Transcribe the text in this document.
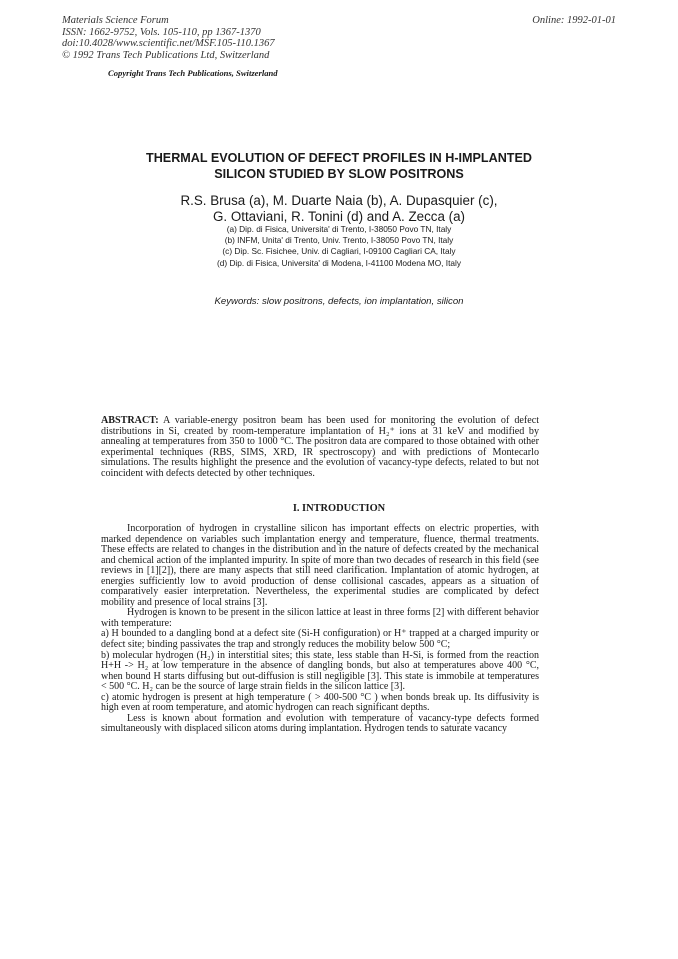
Materials Science Forum
ISSN: 1662-9752, Vols. 105-110, pp 1367-1370
doi:10.4028/www.scientific.net/MSF.105-110.1367
© 1992 Trans Tech Publications Ltd, Switzerland
Online: 1992-01-01
Copyright Trans Tech Publications, Switzerland
THERMAL EVOLUTION OF DEFECT PROFILES IN H-IMPLANTED
SILICON STUDIED BY SLOW POSITRONS
R.S. Brusa (a), M. Duarte Naia (b), A. Dupasquier (c),
G. Ottaviani, R. Tonini (d) and A. Zecca (a)
(a) Dip. di Fisica, Universita' di Trento, I-38050 Povo TN, Italy
(b) INFM, Unita' di Trento, Univ. Trento, I-38050 Povo TN, Italy
(c) Dip. Sc. Fisichee, Univ. di Cagliari, I-09100 Cagliari CA, Italy
(d) Dip. di Fisica, Universita' di Modena, I-41100 Modena MO, Italy
Keywords: slow positrons, defects, ion implantation, silicon
ABSTRACT: A variable-energy positron beam has been used for monitoring the evolution of defect distributions in Si, created by room-temperature implantation of H₂⁺ ions at 31 keV and modified by annealing at temperatures from 350 to 1000 °C. The positron data are compared to those obtained with other experimental techniques (RBS, SIMS, XRD, IR spectroscopy) and with predictions of Montecarlo simulations. The results highlight the presence and the evolution of vacancy-type defects, related to but not coincident with defects detected by other techniques.
I. INTRODUCTION

Incorporation of hydrogen in crystalline silicon has important effects on electric properties, with marked dependence on variables such implantation energy and temperature, fluence, thermal treatments. These effects are related to changes in the distribution and in the nature of defects created by the mechanical and chemical action of the implanted impurity. In spite of more than two decades of research in this field (see reviews in [1][2]), there are many aspects that still need clarification. Implantation of atomic hydrogen, at energies sufficiently low to avoid production of dense collisional cascades, appears as a situation of comparatively easier interpretation. Nevertheless, the experimental studies are complicated by defect mobility and presence of local strains [3].

Hydrogen is known to be present in the silicon lattice at least in three forms [2] with different behavior with temperature:

a) H bounded to a dangling bond at a defect site (Si-H configuration) or H⁺ trapped at a charged impurity or defect site; binding passivates the trap and strongly reduces the mobility below 500 °C;

b) molecular hydrogen (H₂) in interstitial sites; this state, less stable than H-Si, is formed from the reaction H+H -> H₂ at low temperature in the absence of dangling bonds, but also at temperatures above 400 °C, when bound H starts diffusing but out-diffusion is still negligible [3]. This state is immobile at temperatures < 500 °C. H₂ can be the source of large strain fields in the silicon lattice [3].

c) atomic hydrogen is present at high temperature ( > 400-500 °C ) when bonds break up. Its diffusivity is high even at room temperature, and atomic hydrogen can reach significant depths.

Less is known about formation and evolution with temperature of vacancy-type defects formed simultaneously with displaced silicon atoms during implantation. Hydrogen tends to saturate vacancy
